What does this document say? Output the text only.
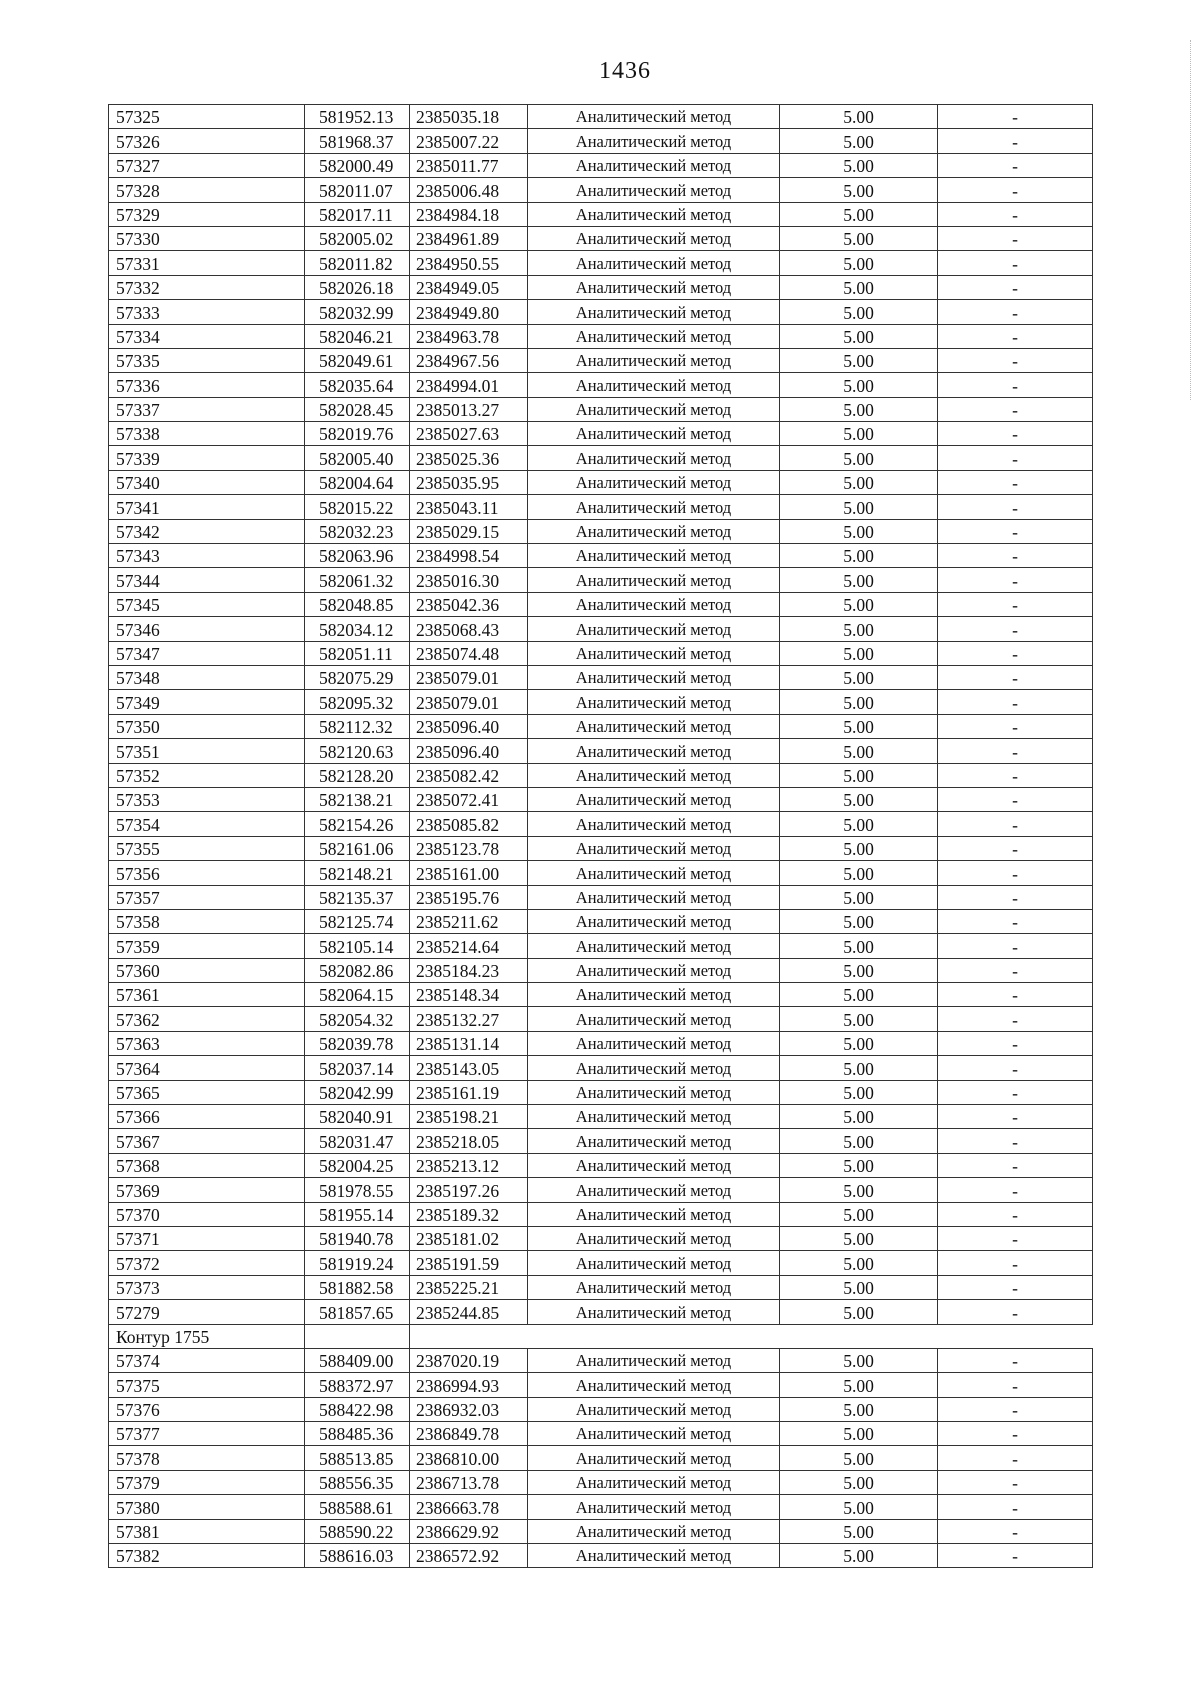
1436
57325	581952.13	2385035.18	Аналитический метод	5.00	-
57326	581968.37	2385007.22	Аналитический метод	5.00	-
57327	582000.49	2385011.77	Аналитический метод	5.00	-
57328	582011.07	2385006.48	Аналитический метод	5.00	-
57329	582017.11	2384984.18	Аналитический метод	5.00	-
57330	582005.02	2384961.89	Аналитический метод	5.00	-
57331	582011.82	2384950.55	Аналитический метод	5.00	-
57332	582026.18	2384949.05	Аналитический метод	5.00	-
57333	582032.99	2384949.80	Аналитический метод	5.00	-
57334	582046.21	2384963.78	Аналитический метод	5.00	-
57335	582049.61	2384967.56	Аналитический метод	5.00	-
57336	582035.64	2384994.01	Аналитический метод	5.00	-
57337	582028.45	2385013.27	Аналитический метод	5.00	-
57338	582019.76	2385027.63	Аналитический метод	5.00	-
57339	582005.40	2385025.36	Аналитический метод	5.00	-
57340	582004.64	2385035.95	Аналитический метод	5.00	-
57341	582015.22	2385043.11	Аналитический метод	5.00	-
57342	582032.23	2385029.15	Аналитический метод	5.00	-
57343	582063.96	2384998.54	Аналитический метод	5.00	-
57344	582061.32	2385016.30	Аналитический метод	5.00	-
57345	582048.85	2385042.36	Аналитический метод	5.00	-
57346	582034.12	2385068.43	Аналитический метод	5.00	-
57347	582051.11	2385074.48	Аналитический метод	5.00	-
57348	582075.29	2385079.01	Аналитический метод	5.00	-
57349	582095.32	2385079.01	Аналитический метод	5.00	-
57350	582112.32	2385096.40	Аналитический метод	5.00	-
57351	582120.63	2385096.40	Аналитический метод	5.00	-
57352	582128.20	2385082.42	Аналитический метод	5.00	-
57353	582138.21	2385072.41	Аналитический метод	5.00	-
57354	582154.26	2385085.82	Аналитический метод	5.00	-
57355	582161.06	2385123.78	Аналитический метод	5.00	-
57356	582148.21	2385161.00	Аналитический метод	5.00	-
57357	582135.37	2385195.76	Аналитический метод	5.00	-
57358	582125.74	2385211.62	Аналитический метод	5.00	-
57359	582105.14	2385214.64	Аналитический метод	5.00	-
57360	582082.86	2385184.23	Аналитический метод	5.00	-
57361	582064.15	2385148.34	Аналитический метод	5.00	-
57362	582054.32	2385132.27	Аналитический метод	5.00	-
57363	582039.78	2385131.14	Аналитический метод	5.00	-
57364	582037.14	2385143.05	Аналитический метод	5.00	-
57365	582042.99	2385161.19	Аналитический метод	5.00	-
57366	582040.91	2385198.21	Аналитический метод	5.00	-
57367	582031.47	2385218.05	Аналитический метод	5.00	-
57368	582004.25	2385213.12	Аналитический метод	5.00	-
57369	581978.55	2385197.26	Аналитический метод	5.00	-
57370	581955.14	2385189.32	Аналитический метод	5.00	-
57371	581940.78	2385181.02	Аналитический метод	5.00	-
57372	581919.24	2385191.59	Аналитический метод	5.00	-
57373	581882.58	2385225.21	Аналитический метод	5.00	-
57279	581857.65	2385244.85	Аналитический метод	5.00	-
Контур 1755					
57374	588409.00	2387020.19	Аналитический метод	5.00	-
57375	588372.97	2386994.93	Аналитический метод	5.00	-
57376	588422.98	2386932.03	Аналитический метод	5.00	-
57377	588485.36	2386849.78	Аналитический метод	5.00	-
57378	588513.85	2386810.00	Аналитический метод	5.00	-
57379	588556.35	2386713.78	Аналитический метод	5.00	-
57380	588588.61	2386663.78	Аналитический метод	5.00	-
57381	588590.22	2386629.92	Аналитический метод	5.00	-
57382	588616.03	2386572.92	Аналитический метод	5.00	-
